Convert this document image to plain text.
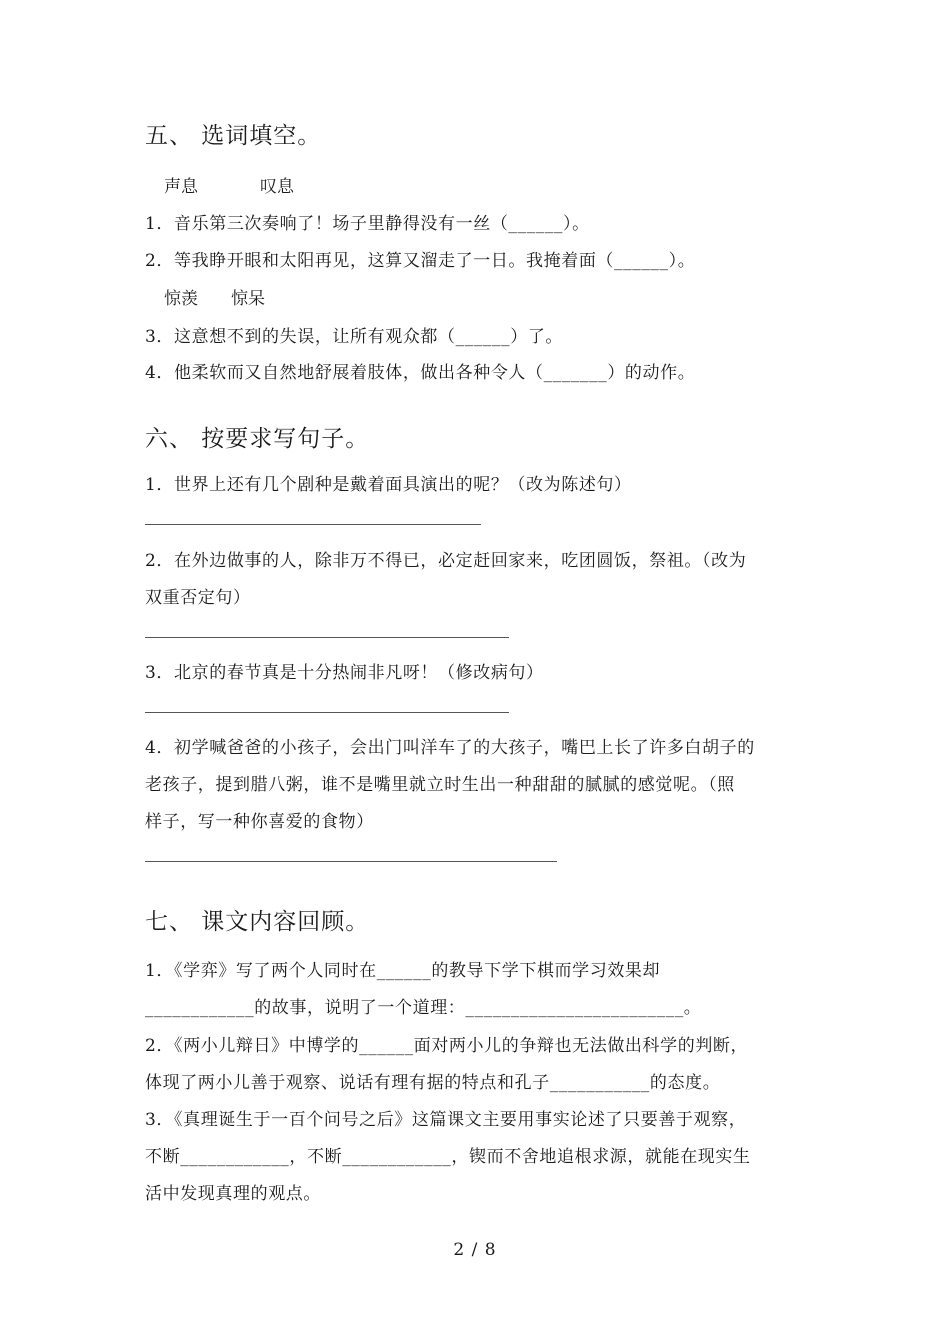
五、 选词填空。
声息	叹息
1．音乐第三次奏响了！场子里静得没有一丝（______）。
2．等我睁开眼和太阳再见，这算又溜走了一日。我掩着面（______）。
惊羡 惊呆
3．这意想不到的失误，让所有观众都（______）了。
4．他柔软而又自然地舒展着肢体，做出各种令人（_______）的动作。
六、 按要求写句子。
1．世界上还有几个剧种是戴着面具演出的呢？（改为陈述句）
2．在外边做事的人，除非万不得已，必定赶回家来，吃团圆饭，祭祖。（改为
双重否定句）
3．北京的春节真是十分热闹非凡呀！（修改病句）
4．初学喊爸爸的小孩子，会出门叫洋车了的大孩子，嘴巴上长了许多白胡子的
老孩子，提到腊八粥，谁不是嘴里就立时生出一种甜甜的腻腻的感觉呢。（照
样子，写一种你喜爱的食物）
七、 课文内容回顾。
1．《学弈》写了两个人同时在______的教导下学下棋而学习效果却
____________的故事，说明了一个道理：________________________。
2．《两小儿辩日》中博学的______面对两小儿的争辩也无法做出科学的判断，
体现了两小儿善于观察、说话有理有据的特点和孔子___________的态度。
3．《真理诞生于一百个问号之后》这篇课文主要用事实论述了只要善于观察，
不断____________，不断____________，锲而不舍地追根求源，就能在现实生
活中发现真理的观点。
2 / 8
